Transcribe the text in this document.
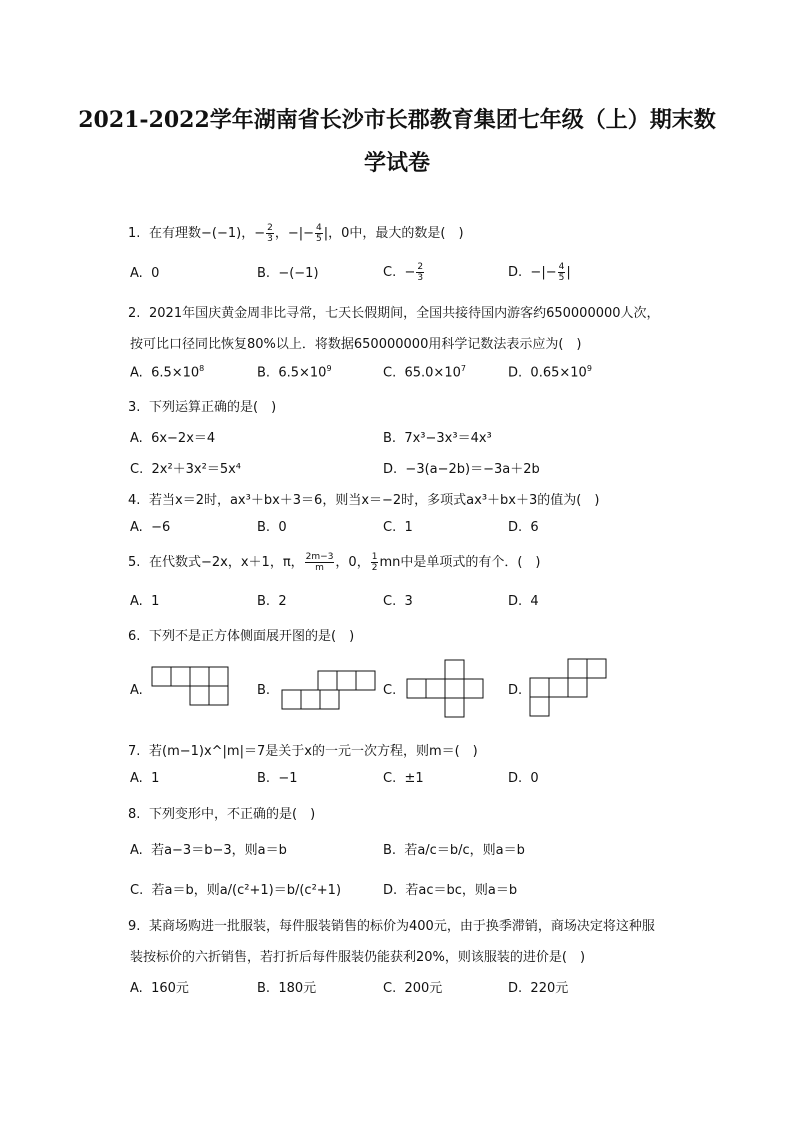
2021-2022学年湖南省长沙市长郡教育集团七年级（上）期末数
学试卷
1. 在有理数−(−1)，− $\frac{2}{3}$ ，−|− $\frac{4}{5}$ |，0中，最大的数是(　)
A.  0	B.  −(−1)	C.  − $\frac{2}{3}$	D.  −|− $\frac{4}{5}$ |
2. 2021年国庆黄金周非比寻常，七天长假期间，全国共接待国内游客约650000000人次，
按可比口径同比恢复80%以上．将数据650000000用科学记数法表示应为(　)
A.  $6.5\times 10^8$	B.  $6.5\times 10^9$	C.  $65.0\times 10^7$	D.  $0.65\times 10^9$
3. 下列运算正确的是(　)
A.  6x−2x＝4	B.  7x³−3x³＝4x³
C.  2x²＋3x²＝5x⁴	D.  −3(a−2b)＝−3a＋2b
4. 若当x＝2时，ax³＋bx＋3＝6，则当x＝−2时，多项式ax³＋bx＋3的值为(　)
A.  −6	B.  0	C.  1	D.  6
5. 在代数式−2x，x＋1，π， $\frac{2m-3}{m}$ ，0， $\frac{1}{2}$ mn中是单项式的有个．(　)
A.  1	B.  2	C.  3	D.  4
6. 下列不是正方体侧面展开图的是(　)
A.	B.	C.	D.
7. 若(m−1)x^|m|＝7是关于x的一元一次方程，则m＝(　)
A.  1	B.  −1	C.  ±1	D.  0
8. 下列变形中，不正确的是(　)
A.  若a−3＝b−3，则a＝b	B.  若a/c＝b/c，则a＝b
C.  若a＝b，则a/(c²+1)＝b/(c²+1)	D.  若ac＝bc，则a＝b
9. 某商场购进一批服装，每件服装销售的标价为400元，由于换季滞销，商场决定将这种服
装按标价的六折销售，若打折后每件服装仍能获利20%，则该服装的进价是(　)
A.  160元	B.  180元	C.  200元	D.  220元
